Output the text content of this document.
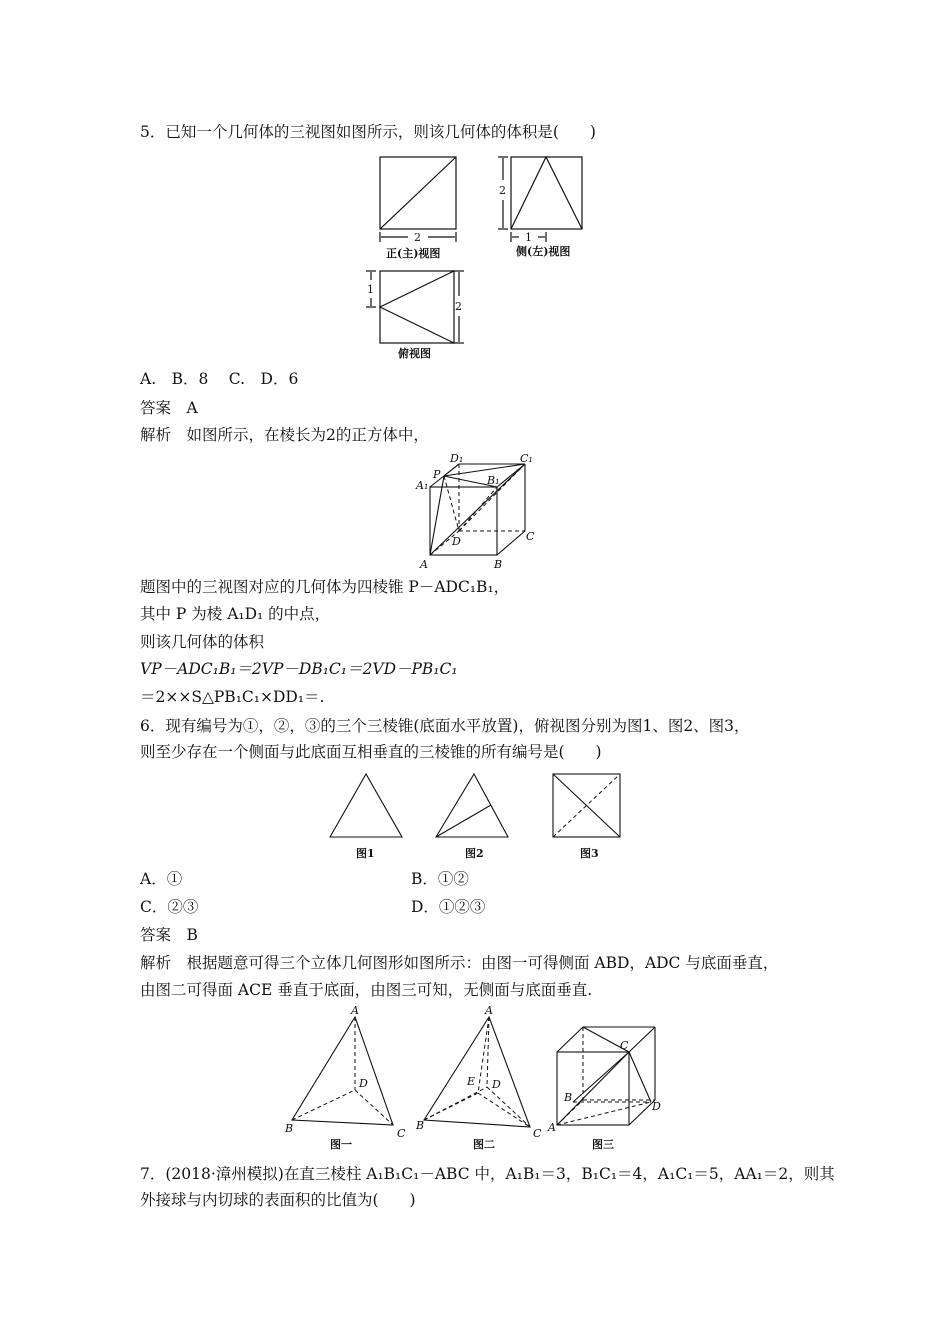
5．已知一个几何体的三视图如图所示，则该几何体的体积是(　　)
2
2
1
1
2
正(主)视图	侧(左)视图
俯视图
A.　B．8　 C.　D．6
答案　A
解析　如图所示，在棱长为2的正方体中，
D₁	C₁
P
A₁	B₁
D	C
A	B
题图中的三视图对应的几何体为四棱锥 P－ADC₁B₁，
其中 P 为棱 A₁D₁ 的中点，
则该几何体的体积
VP－ADC₁B₁＝2VP－DB₁C₁＝2VD－PB₁C₁
＝2××S△PB₁C₁×DD₁＝.
6．现有编号为①，②，③的三个三棱锥(底面水平放置)，俯视图分别为图1、图2、图3，
则至少存在一个侧面与此底面互相垂直的三棱锥的所有编号是(　　)
图1	图2	图3
A．①	B．①②
C．②③	D．①②③
答案　B
解析　根据题意可得三个立体几何图形如图所示：由图一可得侧面 ABD，ADC 与底面垂直，
由图二可得面 ACE 垂直于底面，由图三可知，无侧面与底面垂直.
A
D
B	C
A
E D
B
C
C
B
D
A
图一	图二	图三
7．(2018·漳州模拟)在直三棱柱 A₁B₁C₁－ABC 中，A₁B₁＝3，B₁C₁＝4，A₁C₁＝5，AA₁＝2，则其
外接球与内切球的表面积的比值为(　　)
